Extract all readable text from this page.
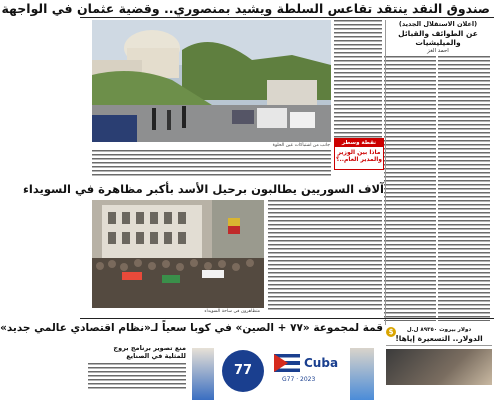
صندوق النقد ينتقد تقاعس السلطة ويشيد بمنصوري.. وقضية عثمان في الواجهة
(اعلان الاستقلال الجديد)
عن الطوائف والقبائل والميليشيات
احمد الغز
جانب من اشتباكات عين الحلوة	نقطة وسطر
ماذا بين الوزير
والمدير العام..؟
آلاف السوريين يطالبون برحيل الأسد بأكبر مظاهرة في السويداء
متظاهرون في ساحة السويداء
قمة لمجموعة «٧٧ + الصين» في كوبا سعياً لـ«نظام اقتصادي عالمي جديد»	دولار بيروت ٨٩٣٥٠ ل.ل
الدولار.. التسعيرة إياها!
$
منع تصوير برنامج بروج
للمثلية في الصنايع
77	Cuba
G77 · 2023
